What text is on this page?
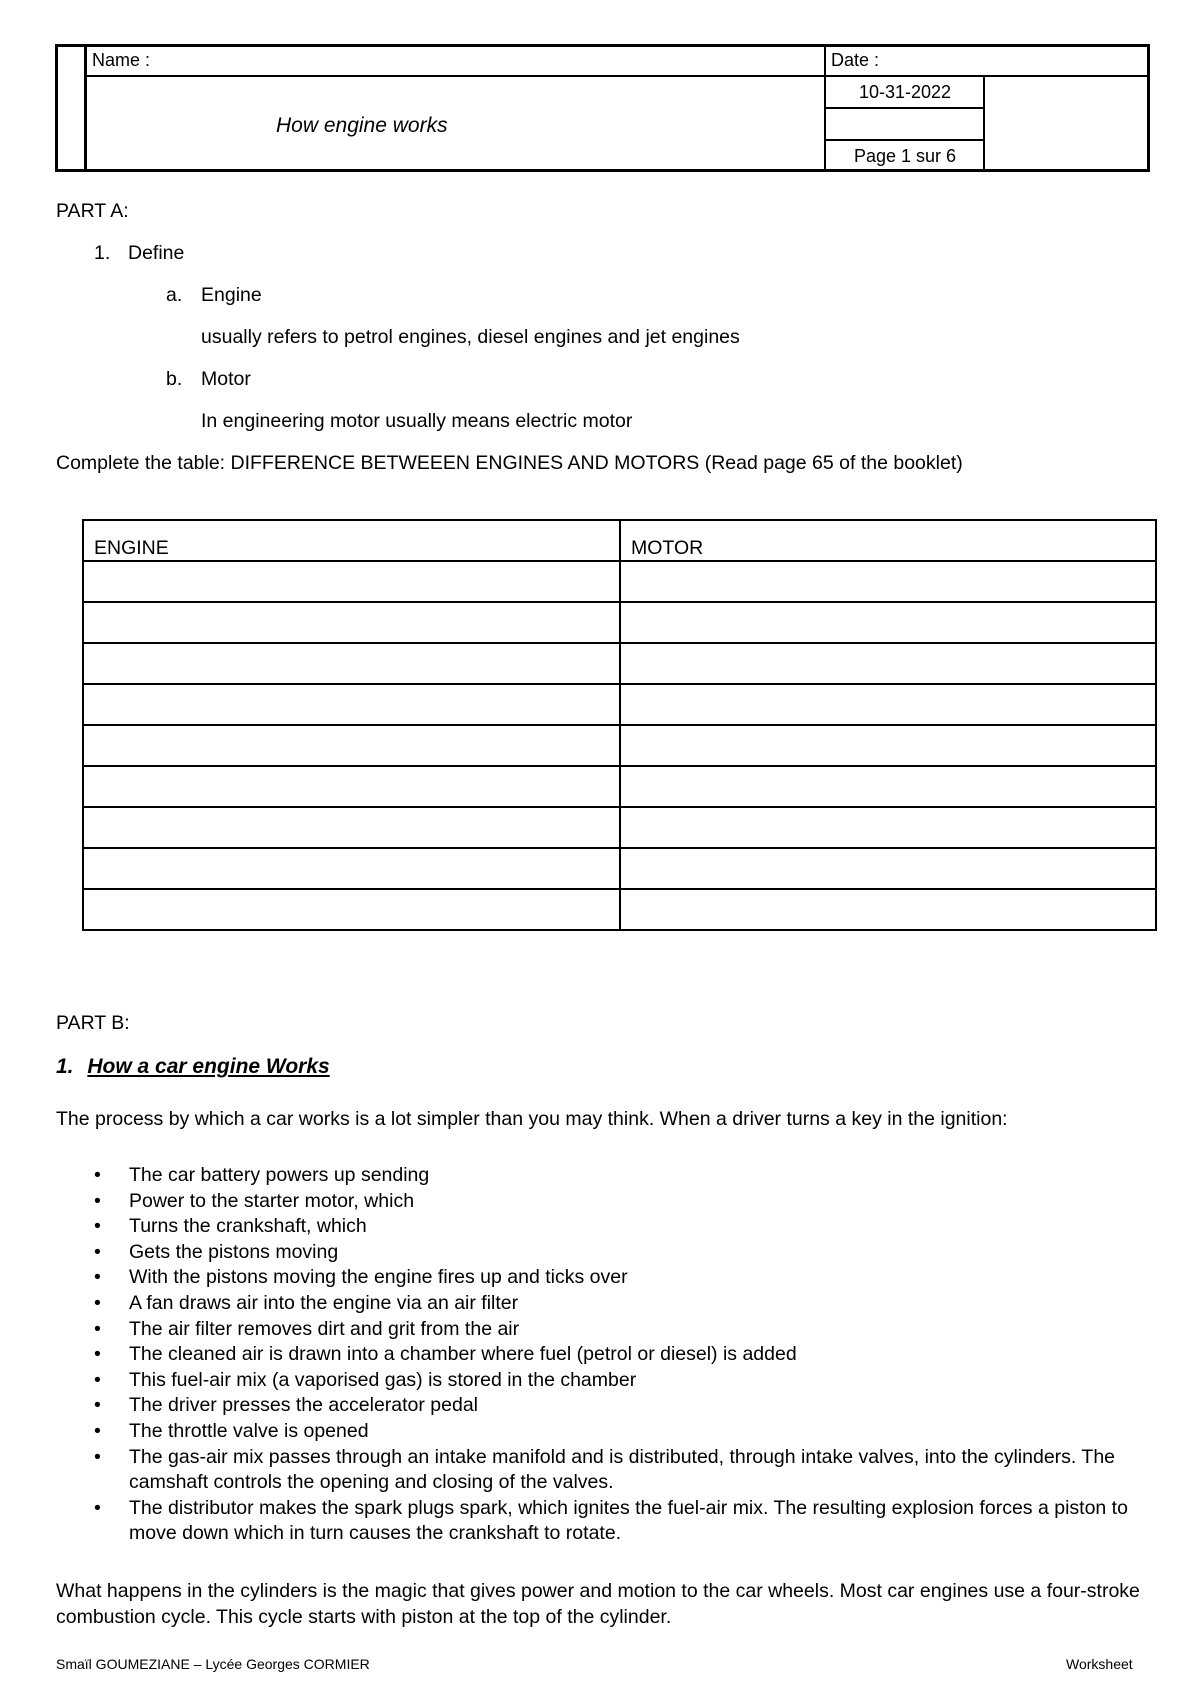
Name :	Date :
How engine works
10-31-2022
Page 1 sur 6
PART A:
1. Define
a. Engine
usually refers to petrol engines, diesel engines and jet engines
b. Motor
In engineering motor usually means electric motor
Complete the table: DIFFERENCE BETWEEEN ENGINES AND MOTORS (Read page 65 of the booklet)
ENGINE	MOTOR

PART B:
1. How a car engine Works
The process by which a car works is a lot simpler than you may think. When a driver turns a key in the ignition:
• The car battery powers up sending
• Power to the starter motor, which
• Turns the crankshaft, which
• Gets the pistons moving
• With the pistons moving the engine fires up and ticks over
• A fan draws air into the engine via an air filter
• The air filter removes dirt and grit from the air
• The cleaned air is drawn into a chamber where fuel (petrol or diesel) is added
• This fuel-air mix (a vaporised gas) is stored in the chamber
• The driver presses the accelerator pedal
• The throttle valve is opened
• The gas-air mix passes through an intake manifold and is distributed, through intake valves, into the cylinders. The camshaft controls the opening and closing of the valves.
• The distributor makes the spark plugs spark, which ignites the fuel-air mix. The resulting explosion forces a piston to move down which in turn causes the crankshaft to rotate.
What happens in the cylinders is the magic that gives power and motion to the car wheels. Most car engines use a four-stroke combustion cycle. This cycle starts with piston at the top of the cylinder.
Smaïl GOUMEZIANE – Lycée Georges CORMIER	Worksheet
